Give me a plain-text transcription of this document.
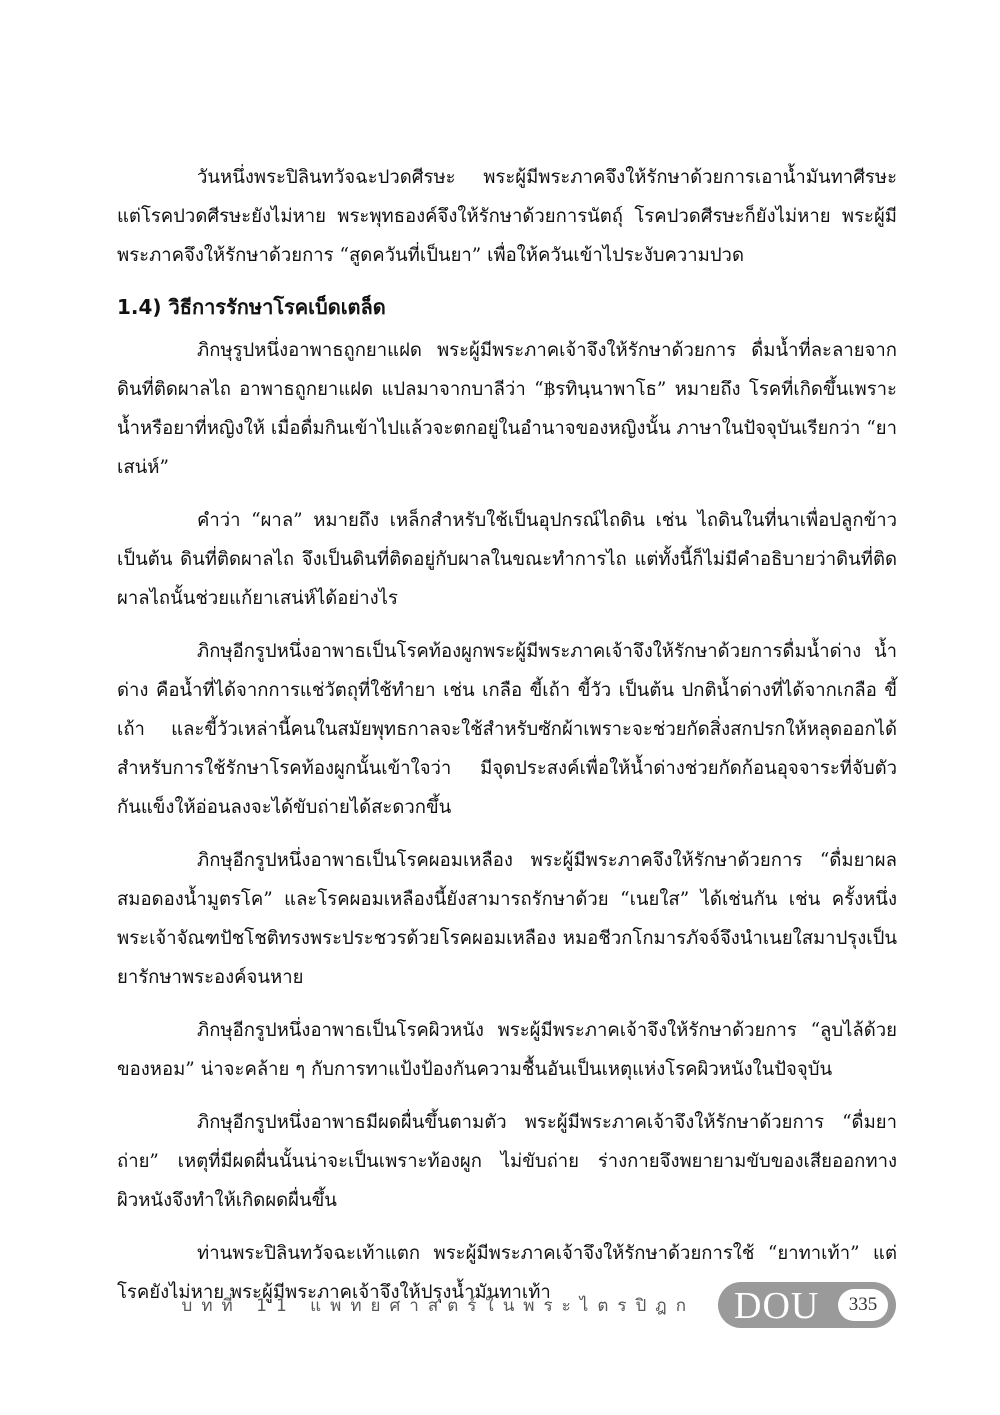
วันหนึ่งพระปิลินทวัจฉะปวดศีรษะ พระผู้มีพระภาคจึงให้รักษาด้วยการเอาน้ำมันทาศีรษะ แต่โรคปวดศีรษะยังไม่หาย พระพุทธองค์จึงให้รักษาด้วยการนัตถุ์ โรคปวดศีรษะก็ยังไม่หาย พระผู้มีพระภาคจึงให้รักษาด้วยการ “สูดควันที่เป็นยา” เพื่อให้ควันเข้าไประงับความปวด

1.4) วิธีการรักษาโรคเบ็ดเตล็ด

ภิกษุรูปหนึ่งอาพาธถูกยาแฝด พระผู้มีพระภาคเจ้าจึงให้รักษาด้วยการ ดื่มน้ำที่ละลายจากดินที่ติดผาลไถ อาพาธถูกยาแฝด แปลมาจากบาลีว่า “฿รทินฺนาพาโธ” หมายถึง โรคที่เกิดขึ้นเพราะน้ำหรือยาที่หญิงให้ เมื่อดื่มกินเข้าไปแล้วจะตกอยู่ในอำนาจของหญิงนั้น ภาษาในปัจจุบันเรียกว่า “ยาเสน่ห์”

คำว่า “ผาล” หมายถึง เหล็กสำหรับใช้เป็นอุปกรณ์ไถดิน เช่น ไถดินในที่นาเพื่อปลูกข้าว เป็นต้น ดินที่ติดผาลไถ จึงเป็นดินที่ติดอยู่กับผาลในขณะทำการไถ แต่ทั้งนี้ก็ไม่มีคำอธิบายว่าดินที่ติดผาลไถนั้นช่วยแก้ยาเสน่ห์ได้อย่างไร

ภิกษุอีกรูปหนึ่งอาพาธเป็นโรคท้องผูกพระผู้มีพระภาคเจ้าจึงให้รักษาด้วยการดื่มน้ำด่าง น้ำด่าง คือน้ำที่ได้จากการแช่วัตถุที่ใช้ทำยา เช่น เกลือ ขี้เถ้า ขี้วัว เป็นต้น ปกติน้ำด่างที่ได้จากเกลือ ขี้เถ้า และขี้วัวเหล่านี้คนในสมัยพุทธกาลจะใช้สำหรับซักผ้าเพราะจะช่วยกัดสิ่งสกปรกให้หลุดออกได้ สำหรับการใช้รักษาโรคท้องผูกนั้นเข้าใจว่า มีจุดประสงค์เพื่อให้น้ำด่างช่วยกัดก้อนอุจจาระที่จับตัวกันแข็งให้อ่อนลงจะได้ขับถ่ายได้สะดวกขึ้น

ภิกษุอีกรูปหนึ่งอาพาธเป็นโรคผอมเหลือง พระผู้มีพระภาคจึงให้รักษาด้วยการ “ดื่มยาผลสมอดองน้ำมูตรโค” และโรคผอมเหลืองนี้ยังสามารถรักษาด้วย “เนยใส” ได้เช่นกัน เช่น ครั้งหนึ่งพระเจ้าจัณฑปัชโชติทรงพระประชวรด้วยโรคผอมเหลือง หมอชีวกโกมารภัจจ์จึงนำเนยใสมาปรุงเป็นยารักษาพระองค์จนหาย

ภิกษุอีกรูปหนึ่งอาพาธเป็นโรคผิวหนัง พระผู้มีพระภาคเจ้าจึงให้รักษาด้วยการ “ลูบไล้ด้วยของหอม” น่าจะคล้าย ๆ กับการทาแป้งป้องกันความชื้นอันเป็นเหตุแห่งโรคผิวหนังในปัจจุบัน

ภิกษุอีกรูปหนึ่งอาพาธมีผดผื่นขึ้นตามตัว พระผู้มีพระภาคเจ้าจึงให้รักษาด้วยการ “ดื่มยาถ่าย” เหตุที่มีผดผื่นนั้นน่าจะเป็นเพราะท้องผูก ไม่ขับถ่าย ร่างกายจึงพยายามขับของเสียออกทางผิวหนังจึงทำให้เกิดผดผื่นขึ้น

ท่านพระปิลินทวัจฉะเท้าแตก พระผู้มีพระภาคเจ้าจึงให้รักษาด้วยการใช้ “ยาทาเท้า” แต่โรคยังไม่หาย พระผู้มีพระภาคเจ้าจึงให้ปรุงน้ำมันทาเท้า

บทที่ 11 แพทยศาสตร์ในพระไตรปิฎก DOU	335
